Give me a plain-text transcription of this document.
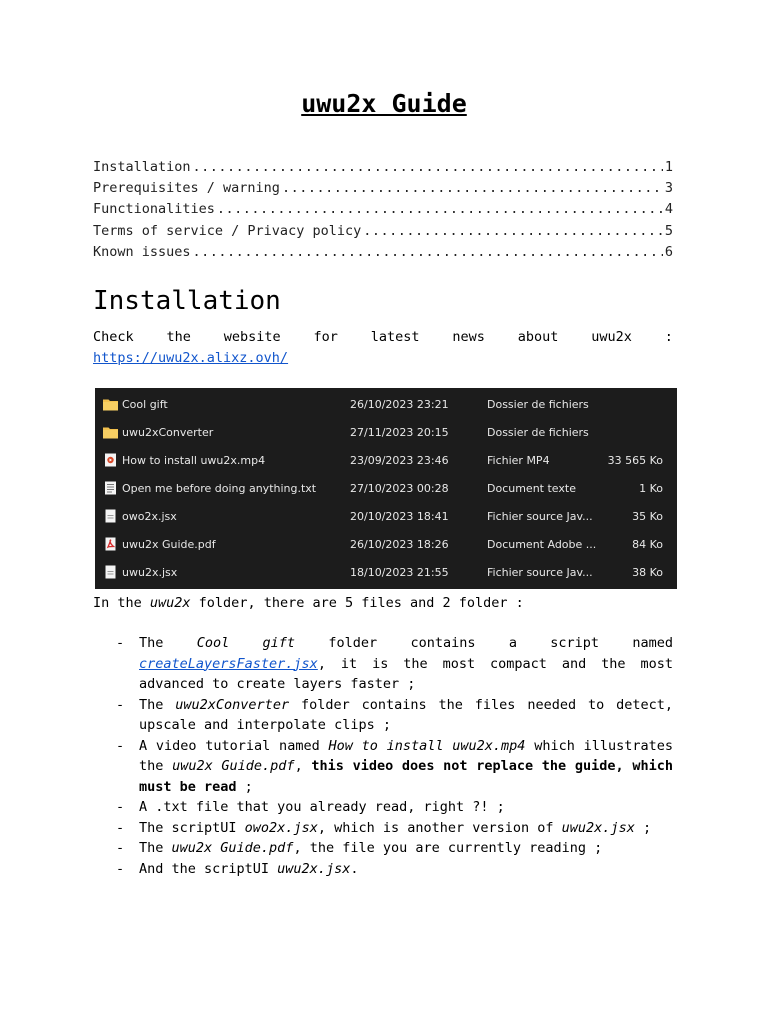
uwu2x Guide
Installation .....	1
Prerequisites / warning .....	3
Functionalities .....	4
Terms of service / Privacy policy .....	5
Known issues .....	6
Installation
Check the website for latest news about uwu2x :
https://uwu2x.alixz.ovh/
Cool gift	26/10/2023 23:21	Dossier de fichiers
uwu2xConverter	27/11/2023 20:15	Dossier de fichiers
How to install uwu2x.mp4	23/09/2023 23:46	Fichier MP4	33 565 Ko
Open me before doing anything.txt	27/10/2023 00:28	Document texte	1 Ko
owo2x.jsx	20/10/2023 18:41	Fichier source Jav...	35 Ko
uwu2x Guide.pdf	26/10/2023 18:26	Document Adobe ...	84 Ko
uwu2x.jsx	18/10/2023 21:55	Fichier source Jav...	38 Ko
In the uwu2x folder, there are 5 files and 2 folder :
- The Cool gift folder contains a script named createLayersFaster.jsx, it is the most compact and the most advanced to create layers faster ;
- The uwu2xConverter folder contains the files needed to detect, upscale and interpolate clips ;
- A video tutorial named How to install uwu2x.mp4 which illustrates the uwu2x Guide.pdf, this video does not replace the guide, which must be read ;
- A .txt file that you already read, right ?! ;
- The scriptUI owo2x.jsx, which is another version of uwu2x.jsx ;
- The uwu2x Guide.pdf, the file you are currently reading ;
- And the scriptUI uwu2x.jsx.
